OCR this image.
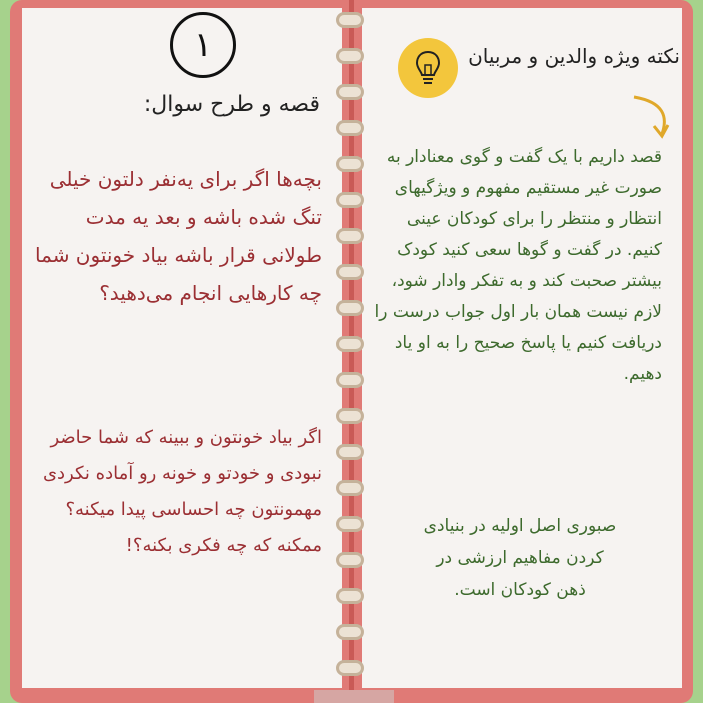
١
قصه و طرح سوال:
بچه‌ها اگر برای یه‌نفر دلتون خیلی تنگ شده باشه و بعد یه مدت طولانی قرار باشه بیاد خونتون شما چه کارهایی انجام می‌دهید؟
اگر بیاد خونتون و ببینه که شما حاضر نبودی و خودتو و خونه رو آماده نکردی مهمونتون چه احساسی پیدا میکنه؟ ممکنه که چه فکری بکنه؟!
نکته ویژه والدین و مربیان
قصد داریم با یک گفت و گوی معنادار به صورت غیر مستقیم مفهوم و ویژگیهای انتظار و منتظر را برای کودکان عینی کنیم. در گفت و گوها سعی کنید کودک بیشتر صحبت کند و به تفکر وادار شود، لازم نیست همان بار اول جواب درست را دریافت کنیم یا پاسخ صحیح را به او یاد دهیم.
صبوری اصل اولیه در بنیادی کردن مفاهیم ارزشی در ذهن کودکان است.
